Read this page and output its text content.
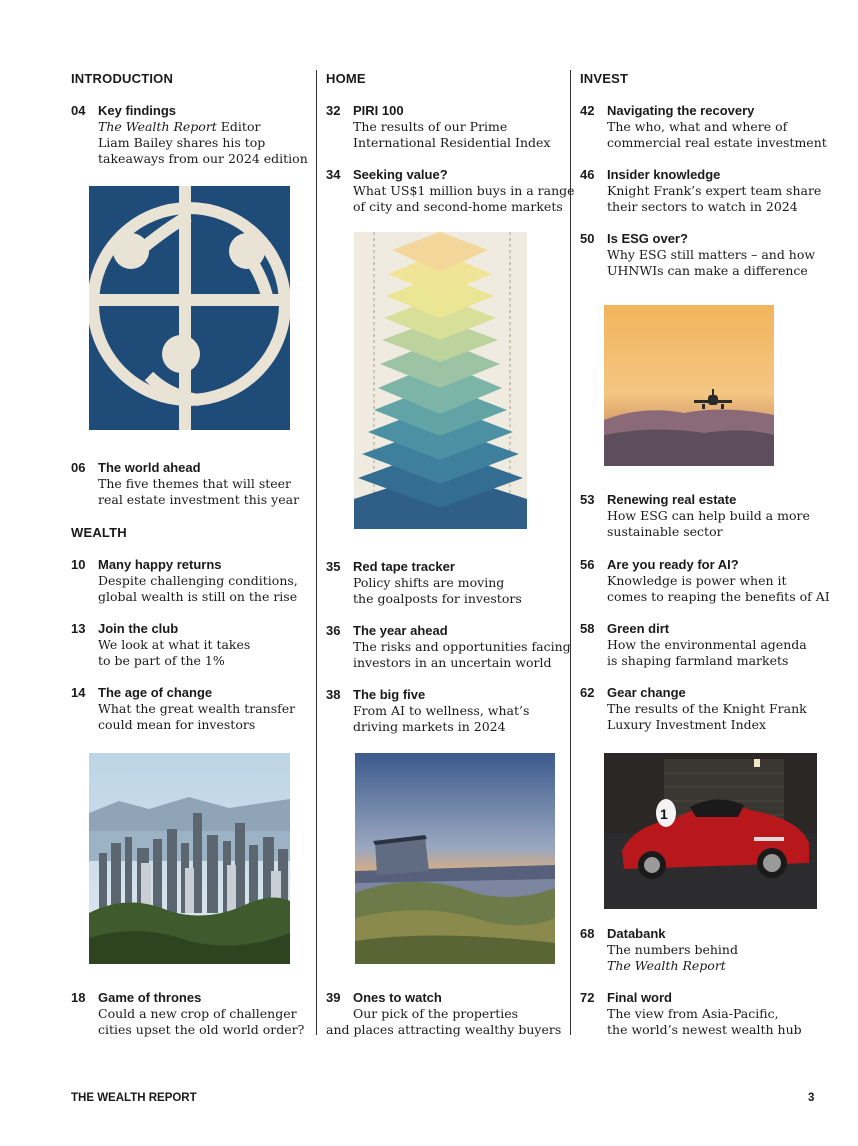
INTRODUCTION
04 Key findings
The Wealth Report Editor
Liam Bailey shares his top
takeaways from our 2024 edition
06 The world ahead
The five themes that will steer
real estate investment this year
WEALTH
10 Many happy returns
Despite challenging conditions,
global wealth is still on the rise
13 Join the club
We look at what it takes
to be part of the 1%
14 The age of change
What the great wealth transfer
could mean for investors
18 Game of thrones
Could a new crop of challenger
cities upset the old world order?
HOME
32 PIRI 100
The results of our Prime
International Residential Index
34 Seeking value?
What US$1 million buys in a range
of city and second-home markets
35 Red tape tracker
Policy shifts are moving
the goalposts for investors
36 The year ahead
The risks and opportunities facing
investors in an uncertain world
38 The big five
From AI to wellness, what’s
driving markets in 2024
39 Ones to watch
Our pick of the properties
and places attracting wealthy buyers
INVEST
42 Navigating the recovery
The who, what and where of
commercial real estate investment
46 Insider knowledge
Knight Frank’s expert team share
their sectors to watch in 2024
50 Is ESG over?
Why ESG still matters – and how
UHNWIs can make a difference
53 Renewing real estate
How ESG can help build a more
sustainable sector
56 Are you ready for AI?
Knowledge is power when it
comes to reaping the benefits of AI
58 Green dirt
How the environmental agenda
is shaping farmland markets
62 Gear change
The results of the Knight Frank
Luxury Investment Index
1
68 Databank
The numbers behind
The Wealth Report
72 Final word
The view from Asia-Pacific,
the world’s newest wealth hub
THE WEALTH REPORT	3
